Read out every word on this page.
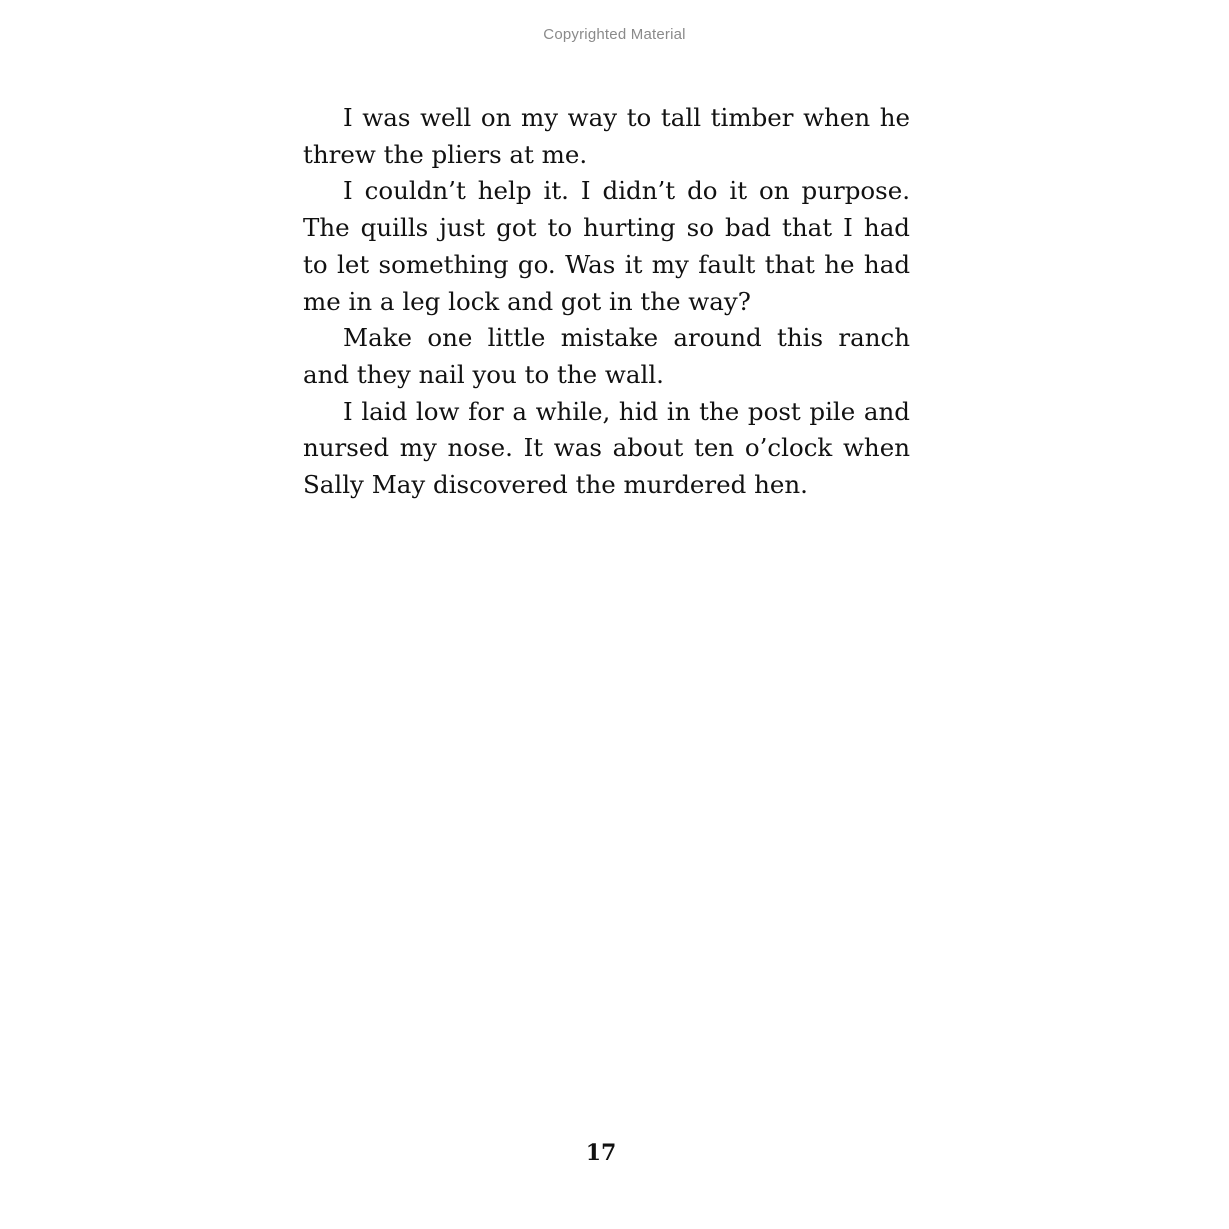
Copyrighted Material

I was well on my way to tall timber when he
threw the pliers at me.

I couldn’t help it. I didn’t do it on purpose.
The quills just got to hurting so bad that I had
to let something go. Was it my fault that he had
me in a leg lock and got in the way?

Make one little mistake around this ranch
and they nail you to the wall.

I laid low for a while, hid in the post pile and
nursed my nose. It was about ten o’clock when
Sally May discovered the murdered hen.

17
